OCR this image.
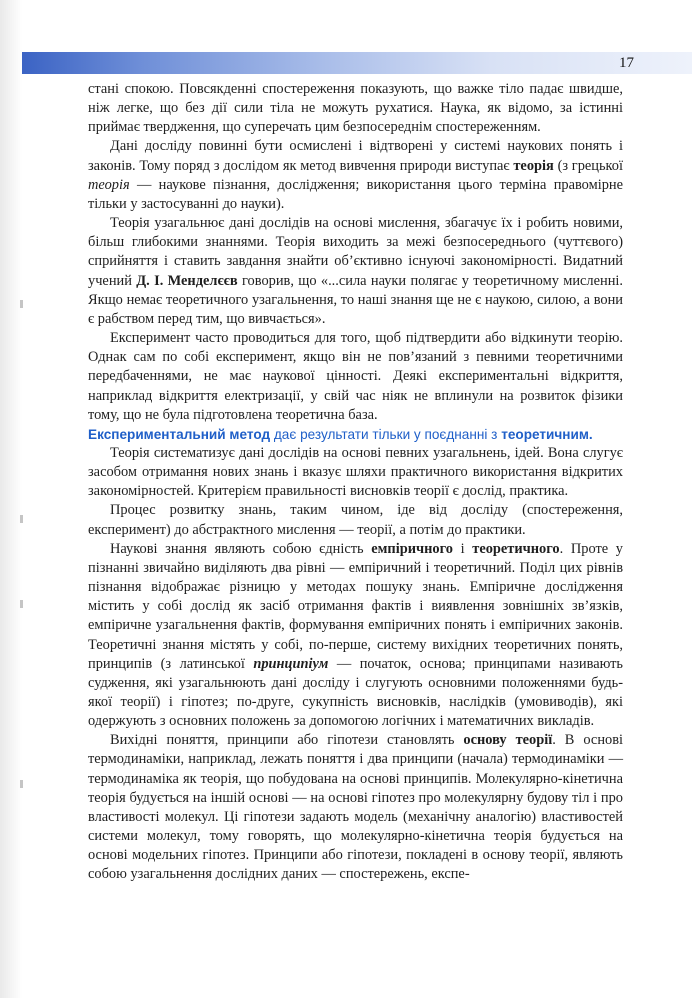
17

стані спокою. Повсякденні спостереження показують, що важке тіло падає швидше, ніж легке, що без дії сили тіла не можуть рухатися. Наука, як відомо, за істинні приймає твердження, що суперечать цим безпосереднім спостереженням.

Дані досліду повинні бути осмислені і відтворені у системі наукових понять і законів. Тому поряд з дослідом як метод вивчення природи виступає теорія (з грецької теорія — наукове пізнання, дослідження; використання цього терміна правомірне тільки у застосуванні до науки).

Теорія узагальнює дані дослідів на основі мислення, збагачує їх і робить новими, більш глибокими знаннями. Теорія виходить за межі безпосереднього (чуттєвого) сприйняття і ставить завдання знайти об’єктивно існуючі закономірності. Видатний учений Д. І. Менделєєв говорив, що «...сила науки полягає у теоретичному мисленні. Якщо немає теоретичного узагальнення, то наші знання ще не є наукою, силою, а вони є рабством перед тим, що вивчається».

Експеримент часто проводиться для того, щоб підтвердити або відкинути теорію. Однак сам по собі експеримент, якщо він не пов’язаний з певними теоретичними передбаченнями, не має наукової цінності. Деякі експериментальні відкриття, наприклад відкриття електризації, у свій час ніяк не вплинули на розвиток фізики тому, що не була підготовлена теоретична база.

Експериментальний метод дає результати тільки у поєднанні з теоретичним.

Теорія систематизує дані дослідів на основі певних узагальнень, ідей. Вона слугує засобом отримання нових знань і вказує шляхи практичного використання відкритих закономірностей. Критерієм правильності висновків теорії є дослід, практика.

Процес розвитку знань, таким чином, іде від досліду (спостереження, експеримент) до абстрактного мислення — теорії, а потім до практики.

Наукові знання являють собою єдність емпіричного і теоретичного. Проте у пізнанні звичайно виділяють два рівні — емпіричний і теоретичний. Поділ цих рівнів пізнання відображає різницю у методах пошуку знань. Емпіричне дослідження містить у собі дослід як засіб отримання фактів і виявлення зовнішніх зв’язків, емпіричне узагальнення фактів, формування емпіричних понять і емпіричних законів. Теоретичні знання містять у собі, по-перше, систему вихідних теоретичних понять, принципів (з латинської принципіум — початок, основа; принципами називають судження, які узагальнюють дані досліду і слугують основними положеннями будь-якої теорії) і гіпотез; по-друге, сукупність висновків, наслідків (умовиводів), які одержують з основних положень за допомогою логічних і математичних викладів.

Вихідні поняття, принципи або гіпотези становлять основу теорії. В основі термодинаміки, наприклад, лежать поняття і два принципи (начала) термодинаміки — термодинаміка як теорія, що побудована на основі принципів. Молекулярно-кінетична теорія будується на іншій основі — на основі гіпотез про молекулярну будову тіл і про властивості молекул. Ці гіпотези задають модель (механічну аналогію) властивостей системи молекул, тому говорять, що молекулярно-кінетична теорія будується на основі модельних гіпотез. Принципи або гіпотези, покладені в основу теорії, являють собою узагальнення дослідних даних — спостережень, експе-
